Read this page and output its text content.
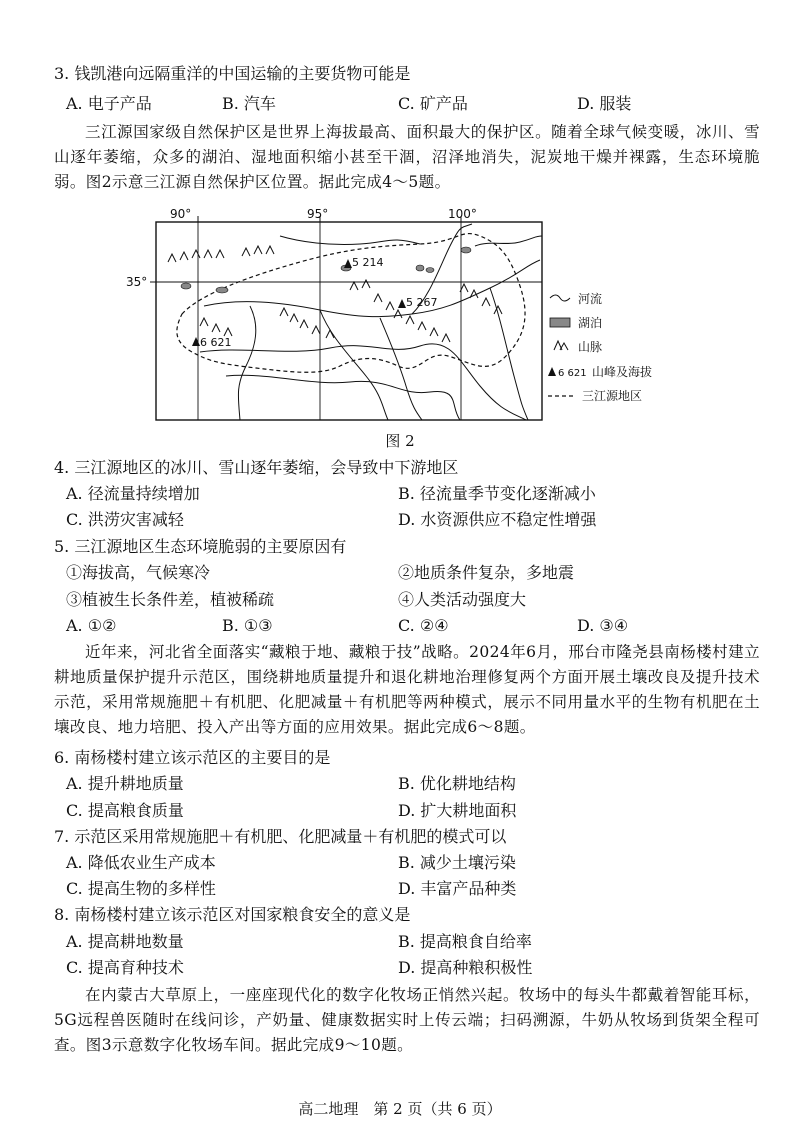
3. 钱凯港向远隔重洋的中国运输的主要货物可能是
A. 电子产品	B. 汽车	C. 矿产品	D. 服装
三江源国家级自然保护区是世界上海拔最高、面积最大的保护区。随着全球气候变暖，冰川、雪山逐年萎缩，众多的湖泊、湿地面积缩小甚至干涸，沼泽地消失，泥炭地干燥并裸露，生态环境脆弱。图2示意三江源自然保护区位置。据此完成4～5题。
90°	95°	100°
35°
5 214
5 267
6 621
河流
湖泊
山脉
6 621 山峰及海拔
三江源地区
图 2
4. 三江源地区的冰川、雪山逐年萎缩，会导致中下游地区
A. 径流量持续增加	B. 径流量季节变化逐渐减小
C. 洪涝灾害减轻	D. 水资源供应不稳定性增强
5. 三江源地区生态环境脆弱的主要原因有
①海拔高，气候寒冷	②地质条件复杂，多地震
③植被生长条件差，植被稀疏	④人类活动强度大
A. ①②	B. ①③	C. ②④	D. ③④
近年来，河北省全面落实“藏粮于地、藏粮于技”战略。2024年6月，邢台市隆尧县南杨楼村建立耕地质量保护提升示范区，围绕耕地质量提升和退化耕地治理修复两个方面开展土壤改良及提升技术示范，采用常规施肥＋有机肥、化肥减量＋有机肥等两种模式，展示不同用量水平的生物有机肥在土壤改良、地力培肥、投入产出等方面的应用效果。据此完成6～8题。
6. 南杨楼村建立该示范区的主要目的是
A. 提升耕地质量	B. 优化耕地结构
C. 提高粮食质量	D. 扩大耕地面积
7. 示范区采用常规施肥＋有机肥、化肥减量＋有机肥的模式可以
A. 降低农业生产成本	B. 减少土壤污染
C. 提高生物的多样性	D. 丰富产品种类
8. 南杨楼村建立该示范区对国家粮食安全的意义是
A. 提高耕地数量	B. 提高粮食自给率
C. 提高育种技术	D. 提高种粮积极性
在内蒙古大草原上，一座座现代化的数字化牧场正悄然兴起。牧场中的每头牛都戴着智能耳标，5G远程兽医随时在线问诊，产奶量、健康数据实时上传云端；扫码溯源，牛奶从牧场到货架全程可查。图3示意数字化牧场车间。据此完成9～10题。
高二地理　第 2 页（共 6 页）
